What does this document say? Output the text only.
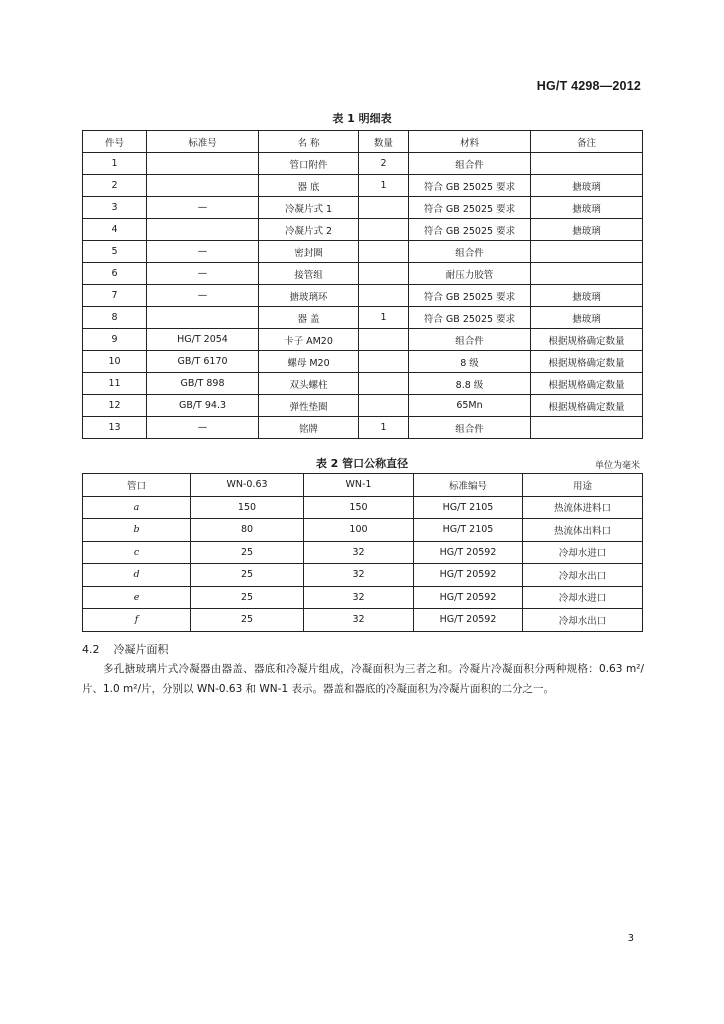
HG/T 4298—2012
表 1 明细表
件号	标准号	名 称	数量	材料	备注
1		管口附件	2	组合件	
2		器 底	1	符合 GB 25025 要求	搪玻璃
3	—	冷凝片式 1		符合 GB 25025 要求	搪玻璃
4		冷凝片式 2		符合 GB 25025 要求	搪玻璃
5	—	密封圈		组合件	
6	—	接管组		耐压力胶管	
7	—	搪玻璃环		符合 GB 25025 要求	搪玻璃
8		器 盖	1	符合 GB 25025 要求	搪玻璃
9	HG/T 2054	卡子 AM20		组合件	根据规格确定数量
10	GB/T 6170	螺母 M20		8 级	根据规格确定数量
11	GB/T 898	双头螺柱		8.8 级	根据规格确定数量
12	GB/T 94.3	弹性垫圈		65Mn	根据规格确定数量
13	—	铭牌	1	组合件	
表 2 管口公称直径	单位为毫米
管口	WN-0.63	WN-1	标准编号	用途
a	150	150	HG/T 2105	热流体进料口
b	80	100	HG/T 2105	热流体出料口
c	25	32	HG/T 20592	冷却水进口
d	25	32	HG/T 20592	冷却水出口
e	25	32	HG/T 20592	冷却水进口
f	25	32	HG/T 20592	冷却水出口
4.2 冷凝片面积
多孔搪玻璃片式冷凝器由器盖、器底和冷凝片组成，冷凝面积为三者之和。冷凝片冷凝面积分两种规格：0.63 m²/片、1.0 m²/片，分别以 WN-0.63 和 WN-1 表示。器盖和器底的冷凝面积为冷凝片面积的二分之一。
3
